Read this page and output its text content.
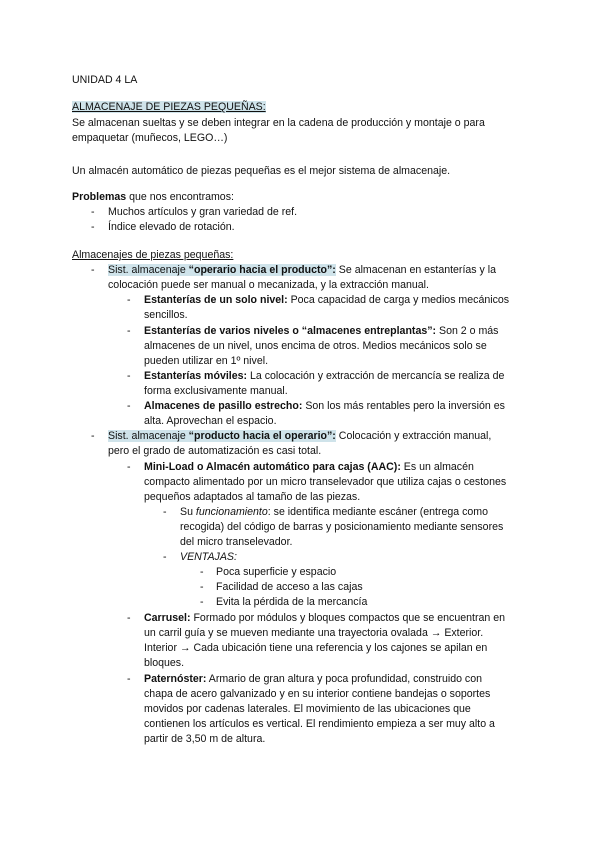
UNIDAD 4 LA
ALMACENAJE DE PIEZAS PEQUEÑAS:
Se almacenan sueltas y se deben integrar en la cadena de producción y montaje o para
empaquetar (muñecos, LEGO…)
Un almacén automático de piezas pequeñas es el mejor sistema de almacenaje.
Problemas que nos encontramos:
- Muchos artículos y gran variedad de ref.
- Índice elevado de rotación.
Almacenajes de piezas pequeñas:
- Sist. almacenaje “operario hacia el producto”: Se almacenan en estanterías y la
colocación puede ser manual o mecanizada, y la extracción manual.
- Estanterías de un solo nivel: Poca capacidad de carga y medios mecánicos
sencillos.
- Estanterías de varios niveles o “almacenes entreplantas”: Son 2 o más
almacenes de un nivel, unos encima de otros. Medios mecánicos solo se
pueden utilizar en 1º nivel.
- Estanterías móviles: La colocación y extracción de mercancía se realiza de
forma exclusivamente manual.
- Almacenes de pasillo estrecho: Son los más rentables pero la inversión es
alta. Aprovechan el espacio.
- Sist. almacenaje “producto hacia el operario”: Colocación y extracción manual,
pero el grado de automatización es casi total.
- Mini-Load o Almacén automático para cajas (AAC): Es un almacén
compacto alimentado por un micro transelevador que utiliza cajas o cestones
pequeños adaptados al tamaño de las piezas.
- Su funcionamiento: se identifica mediante escáner (entrega como
recogida) del código de barras y posicionamiento mediante sensores
del micro transelevador.
- VENTAJAS:
- Poca superficie y espacio
- Facilidad de acceso a las cajas
- Evita la pérdida de la mercancía
- Carrusel: Formado por módulos y bloques compactos que se encuentran en
un carril guía y se mueven mediante una trayectoria ovalada → Exterior.
Interior → Cada ubicación tiene una referencia y los cajones se apilan en
bloques.
- Paternóster: Armario de gran altura y poca profundidad, construido con
chapa de acero galvanizado y en su interior contiene bandejas o soportes
movidos por cadenas laterales. El movimiento de las ubicaciones que
contienen los artículos es vertical. El rendimiento empieza a ser muy alto a
partir de 3,50 m de altura.
